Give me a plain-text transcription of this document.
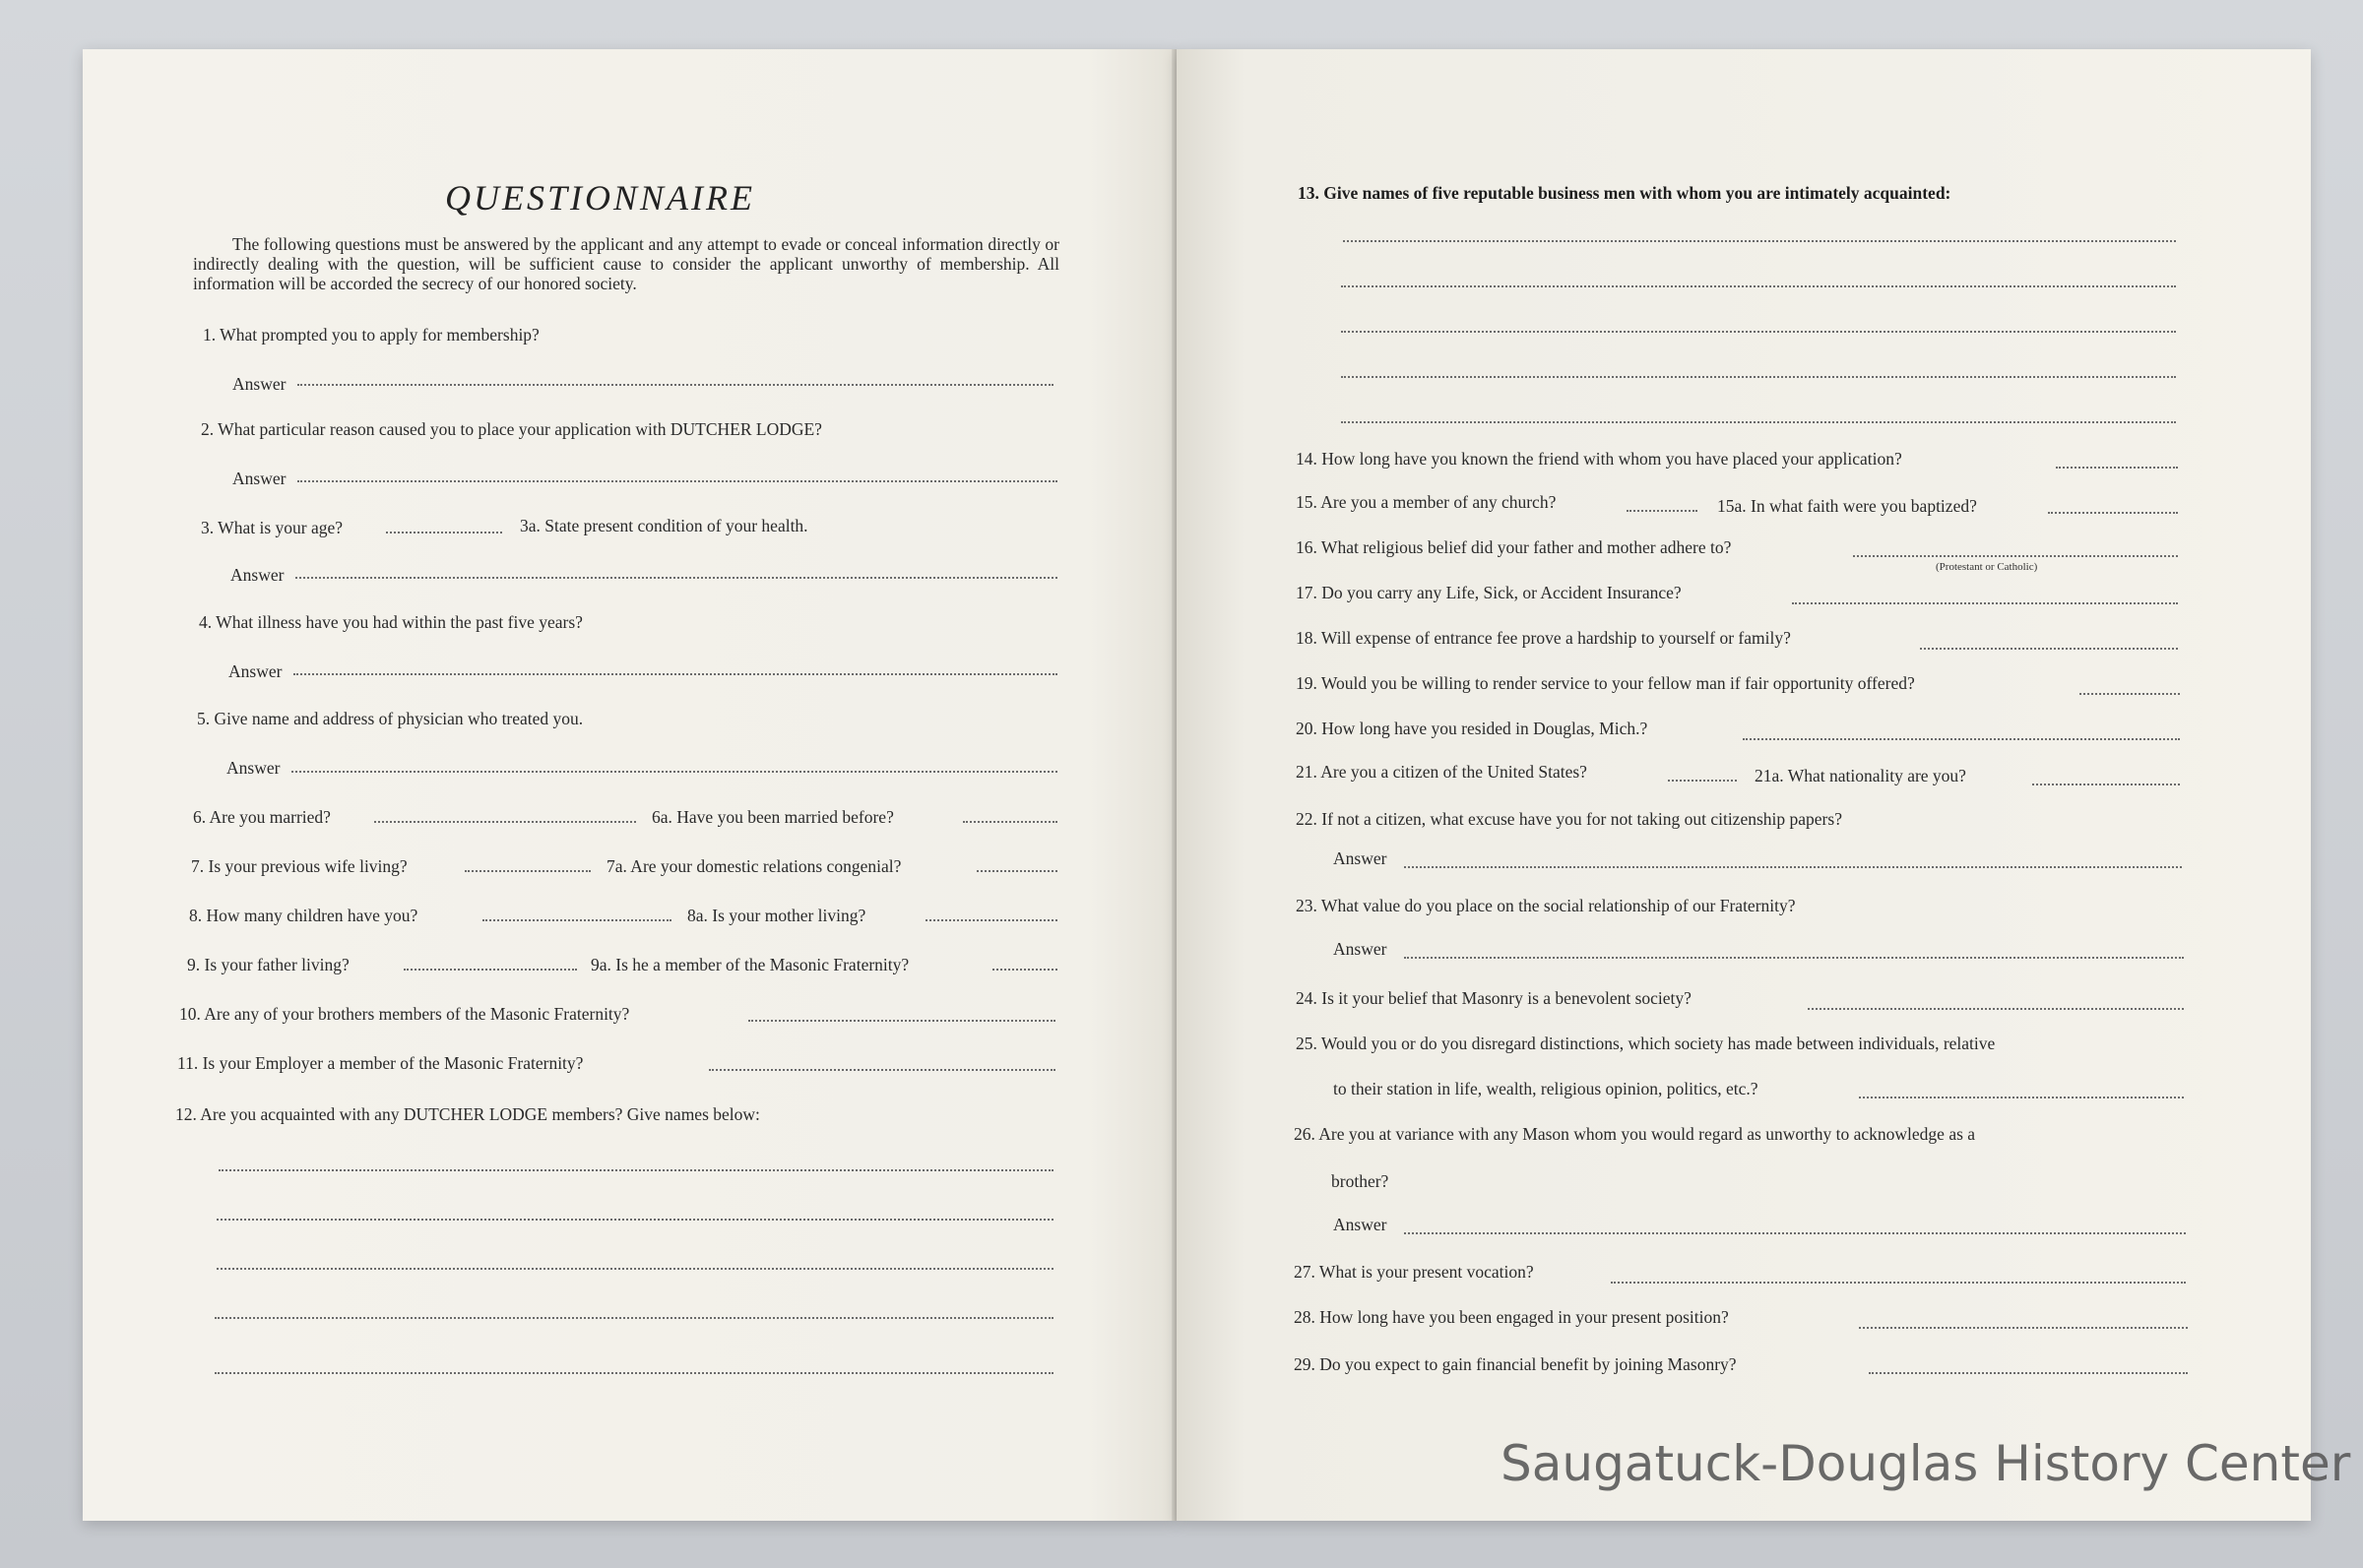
QUESTIONNAIRE
The following questions must be answered by the applicant and any attempt to evade or conceal information directly or indirectly dealing with the question, will be sufficient cause to consider the applicant unworthy of membership. All information will be accorded the secrecy of our honored society.
1. What prompted you to apply for membership?
Answer
2. What particular reason caused you to place your application with DUTCHER LODGE?
Answer
3. What is your age?	3a. State present condition of your health.
Answer
4. What illness have you had within the past five years?
Answer
5. Give name and address of physician who treated you.
Answer
6. Are you married?	6a. Have you been married before?
7. Is your previous wife living?	7a. Are your domestic relations congenial?
8. How many children have you?	8a. Is your mother living?
9. Is your father living?	9a. Is he a member of the Masonic Fraternity?
10. Are any of your brothers members of the Masonic Fraternity?
11. Is your Employer a member of the Masonic Fraternity?
12. Are you acquainted with any DUTCHER LODGE members? Give names below:
13. Give names of five reputable business men with whom you are intimately acquainted:
14. How long have you known the friend with whom you have placed your application?
15. Are you a member of any church?	15a. In what faith were you baptized?
16. What religious belief did your father and mother adhere to?
(Protestant or Catholic)
17. Do you carry any Life, Sick, or Accident Insurance?
18. Will expense of entrance fee prove a hardship to yourself or family?
19. Would you be willing to render service to your fellow man if fair opportunity offered?
20. How long have you resided in Douglas, Mich.?
21. Are you a citizen of the United States?	21a. What nationality are you?
22. If not a citizen, what excuse have you for not taking out citizenship papers?
Answer
23. What value do you place on the social relationship of our Fraternity?
Answer
24. Is it your belief that Masonry is a benevolent society?
25. Would you or do you disregard distinctions, which society has made between individuals, relative
to their station in life, wealth, religious opinion, politics, etc.?
26. Are you at variance with any Mason whom you would regard as unworthy to acknowledge as a
brother?
Answer
27. What is your present vocation?
28. How long have you been engaged in your present position?
29. Do you expect to gain financial benefit by joining Masonry?
Saugatuck-Douglas History Center
